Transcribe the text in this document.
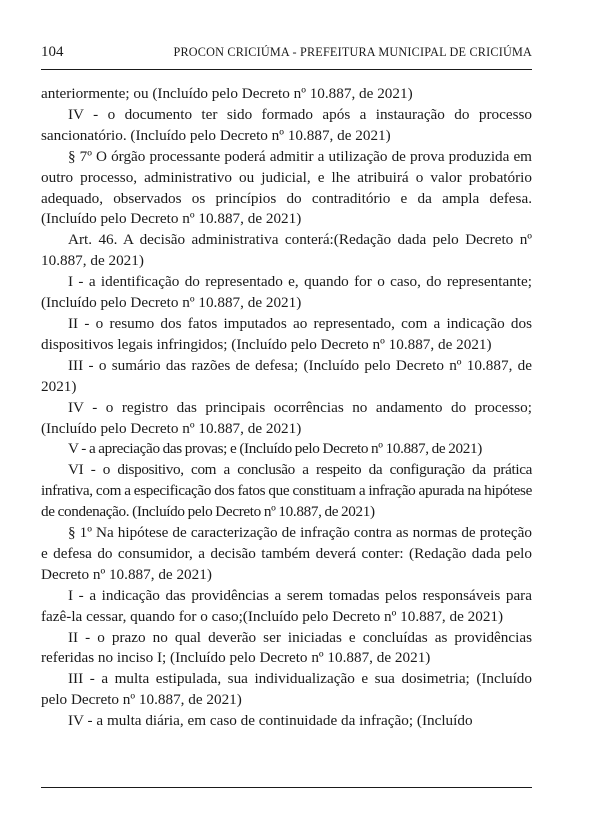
104	PROCON CRICIÚMA - PREFEITURA MUNICIPAL DE CRICIÚMA

anteriormente; ou (Incluído pelo Decreto nº 10.887, de 2021)

IV - o documento ter sido formado após a instauração do processo sancionatório. (Incluído pelo Decreto nº 10.887, de 2021)

§ 7º O órgão processante poderá admitir a utilização de prova produzida em outro processo, administrativo ou judicial, e lhe atribuirá o valor probatório adequado, observados os princípios do contraditório e da ampla defesa. (Incluído pelo Decreto nº 10.887, de 2021)

Art. 46. A decisão administrativa conterá:(Redação dada pelo Decreto nº 10.887, de 2021)

I - a identificação do representado e, quando for o caso, do representante; (Incluído pelo Decreto nº 10.887, de 2021)

II - o resumo dos fatos imputados ao representado, com a indicação dos dispositivos legais infringidos; (Incluído pelo Decreto nº 10.887, de 2021)

III - o sumário das razões de defesa; (Incluído pelo Decreto nº 10.887, de 2021)

IV - o registro das principais ocorrências no andamento do processo; (Incluído pelo Decreto nº 10.887, de 2021)

V - a apreciação das provas; e (Incluído pelo Decreto nº 10.887, de 2021)

VI - o dispositivo, com a conclusão a respeito da configuração da prática infrativa, com a especificação dos fatos que constituam a infração apurada na hipótese de condenação. (Incluído pelo Decreto nº 10.887, de 2021)

§ 1º Na hipótese de caracterização de infração contra as normas de proteção e defesa do consumidor, a decisão também deverá conter: (Redação dada pelo Decreto nº 10.887, de 2021)

I - a indicação das providências a serem tomadas pelos responsáveis para fazê-la cessar, quando for o caso;(Incluído pelo Decreto nº 10.887, de 2021)

II - o prazo no qual deverão ser iniciadas e concluídas as providências referidas no inciso I; (Incluído pelo Decreto nº 10.887, de 2021)

III - a multa estipulada, sua individualização e sua dosimetria; (Incluído pelo Decreto nº 10.887, de 2021)

IV - a multa diária, em caso de continuidade da infração; (Incluído
